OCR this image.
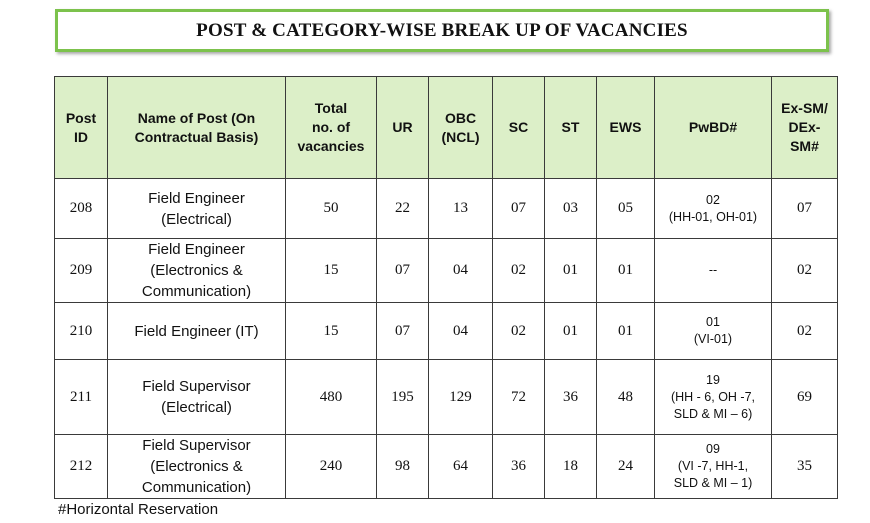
POST & CATEGORY-WISE BREAK UP OF VACANCIES
Post
ID	Name of Post (On
Contractual Basis)	Total
no. of
vacancies	UR	OBC
(NCL)	SC	ST	EWS	PwBD#	Ex-SM/
DEx-
SM#
208	Field Engineer
(Electrical)	50	22	13	07	03	05	02
(HH-01, OH-01)	07
209	Field Engineer
(Electronics &
Communication)	15	07	04	02	01	01	--	02
210	Field Engineer (IT)	15	07	04	02	01	01	01
(VI-01)	02
211	Field Supervisor
(Electrical)	480	195	129	72	36	48	19
(HH - 6, OH -7,
SLD & MI – 6)	69
212	Field Supervisor
(Electronics &
Communication)	240	98	64	36	18	24	09
(VI -7, HH-1,
SLD & MI – 1)	35
#Horizontal Reservation
